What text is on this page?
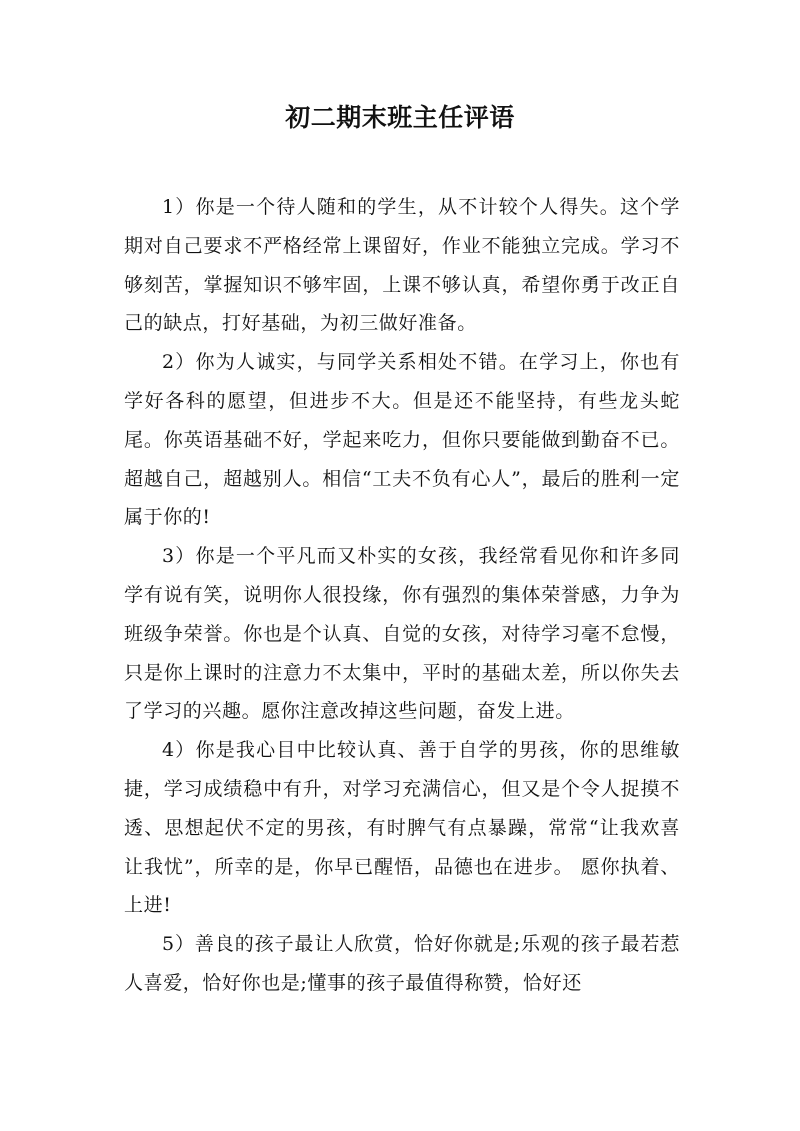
初二期末班主任评语

1）你是一个待人随和的学生，从不计较个人得失。这个学期对自己要求不严格经常上课留好，作业不能独立完成。学习不够刻苦，掌握知识不够牢固，上课不够认真，希望你勇于改正自己的缺点，打好基础，为初三做好准备。

2）你为人诚实，与同学关系相处不错。在学习上，你也有学好各科的愿望，但进步不大。但是还不能坚持，有些龙头蛇尾。你英语基础不好，学起来吃力，但你只要能做到勤奋不已。超越自己，超越别人。相信“工夫不负有心人”，最后的胜利一定属于你的!

3）你是一个平凡而又朴实的女孩，我经常看见你和许多同学有说有笑，说明你人很投缘，你有强烈的集体荣誉感，力争为班级争荣誉。你也是个认真、自觉的女孩，对待学习毫不怠慢，只是你上课时的注意力不太集中，平时的基础太差，所以你失去了学习的兴趣。愿你注意改掉这些问题，奋发上进。

4）你是我心目中比较认真、善于自学的男孩，你的思维敏捷，学习成绩稳中有升，对学习充满信心，但又是个令人捉摸不透、思想起伏不定的男孩，有时脾气有点暴躁，常常“让我欢喜让我忧”，所幸的是，你早已醒悟，品德也在进步。 愿你执着、上进!

5）善良的孩子最让人欣赏，恰好你就是;乐观的孩子最若惹人喜爱，恰好你也是;懂事的孩子最值得称赞，恰好还
